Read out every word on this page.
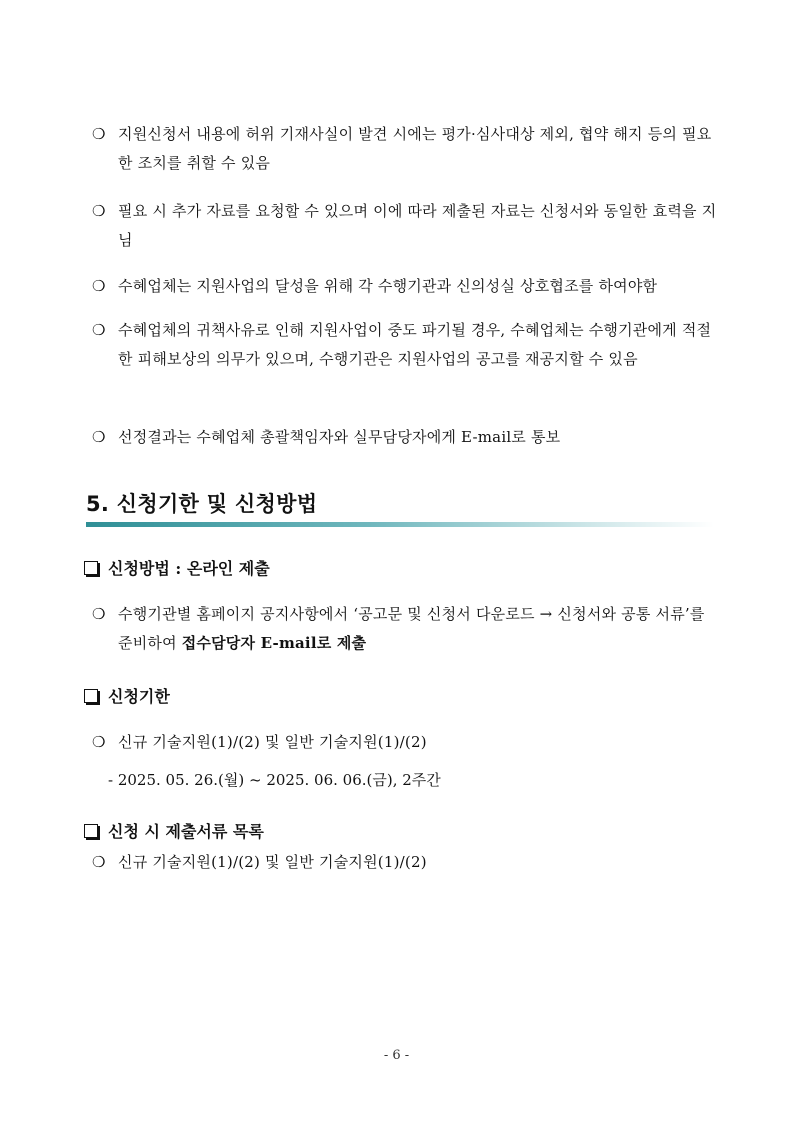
❍ 지원신청서 내용에 허위 기재사실이 발견 시에는 평가·심사대상 제외, 협약 해지 등의 필요한 조치를 취할 수 있음
❍ 필요 시 추가 자료를 요청할 수 있으며 이에 따라 제출된 자료는 신청서와 동일한 효력을 지님
❍ 수혜업체는 지원사업의 달성을 위해 각 수행기관과 신의성실 상호협조를 하여야함
❍ 수혜업체의 귀책사유로 인해 지원사업이 중도 파기될 경우, 수혜업체는 수행기관에게 적절한 피해보상의 의무가 있으며, 수행기관은 지원사업의 공고를 재공지할 수 있음
❍ 선정결과는 수혜업체 총괄책임자와 실무담당자에게 E-mail로 통보
5. 신청기한 및 신청방법
신청방법 : 온라인 제출
❍ 수행기관별 홈페이지 공지사항에서 ‘공고문 및 신청서 다운로드 → 신청서와 공통 서류’를 준비하여 접수담당자 E-mail로 제출
신청기한
❍ 신규 기술지원(1)/(2) 및 일반 기술지원(1)/(2)
- 2025. 05. 26.(월) ~ 2025. 06. 06.(금), 2주간
신청 시 제출서류 목록
❍ 신규 기술지원(1)/(2) 및 일반 기술지원(1)/(2)
- 6 -
